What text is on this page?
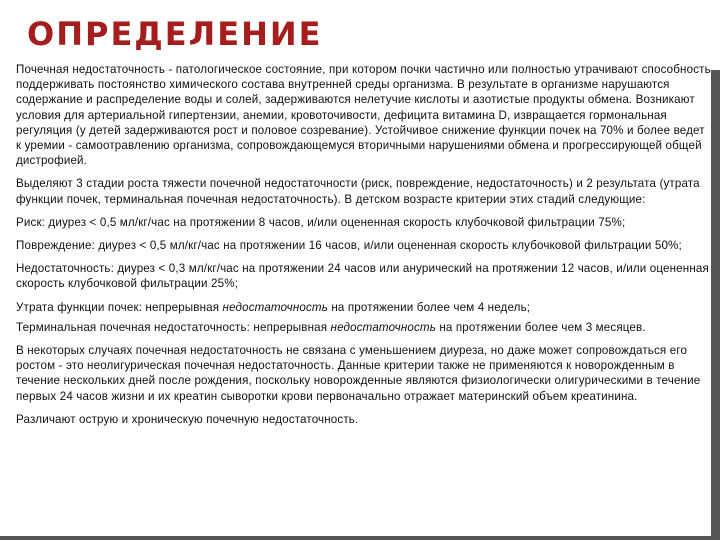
ОПРЕДЕЛЕНИЕ

Почечная недостаточность - патологическое состояние, при котором почки частично или полностью утрачивают способность поддерживать постоянство химического состава внутренней среды организма. В результате в организме нарушаются содержание и распределение воды и солей, задерживаются нелетучие кислоты и азотистые продукты обмена. Возникают условия для артериальной гипертензии, анемии, кровоточивости, дефицита витамина D, извращается гормональная регуляция (у детей задерживаются рост и половое созревание). Устойчивое снижение функции почек на 70% и более ведет к уремии - самоотравлению организма, сопровождающемуся вторичными нарушениями обмена и прогрессирующей общей дистрофией.

Выделяют 3 стадии роста тяжести почечной недостаточности (риск, повреждение, недостаточность) и 2 результата (утрата функции почек, терминальная почечная недостаточность). В детском возрасте критерии этих стадий следующие:

Риск: диурез < 0,5 мл/кг/час на протяжении 8 часов, и/или оцененная скорость клубочковой фильтрации 75%;

Повреждение: диурез < 0,5 мл/кг/час на протяжении 16 часов, и/или оцененная скорость клубочковой фильтрации 50%;

Недостаточность: диурез < 0,3 мл/кг/час на протяжении 24 часов или анурический на протяжении 12 часов, и/или оцененная скорость клубочковой фильтрации 25%;

Утрата функции почек: непрерывная недостаточность на протяжении более чем 4 недель;

Терминальная почечная недостаточность: непрерывная недостаточность на протяжении более чем 3 месяцев.

В некоторых случаях почечная недостаточность не связана с уменьшением диуреза, но даже может сопровождаться его ростом - это неолигурическая почечная недостаточность. Данные критерии также не применяются к новорожденным в течение нескольких дней после рождения, поскольку новорожденные являются физиологически олигурическими в течение первых 24 часов жизни и их креатин сыворотки крови первоначально отражает материнский объем креатинина.

Различают острую и хроническую почечную недостаточность.
